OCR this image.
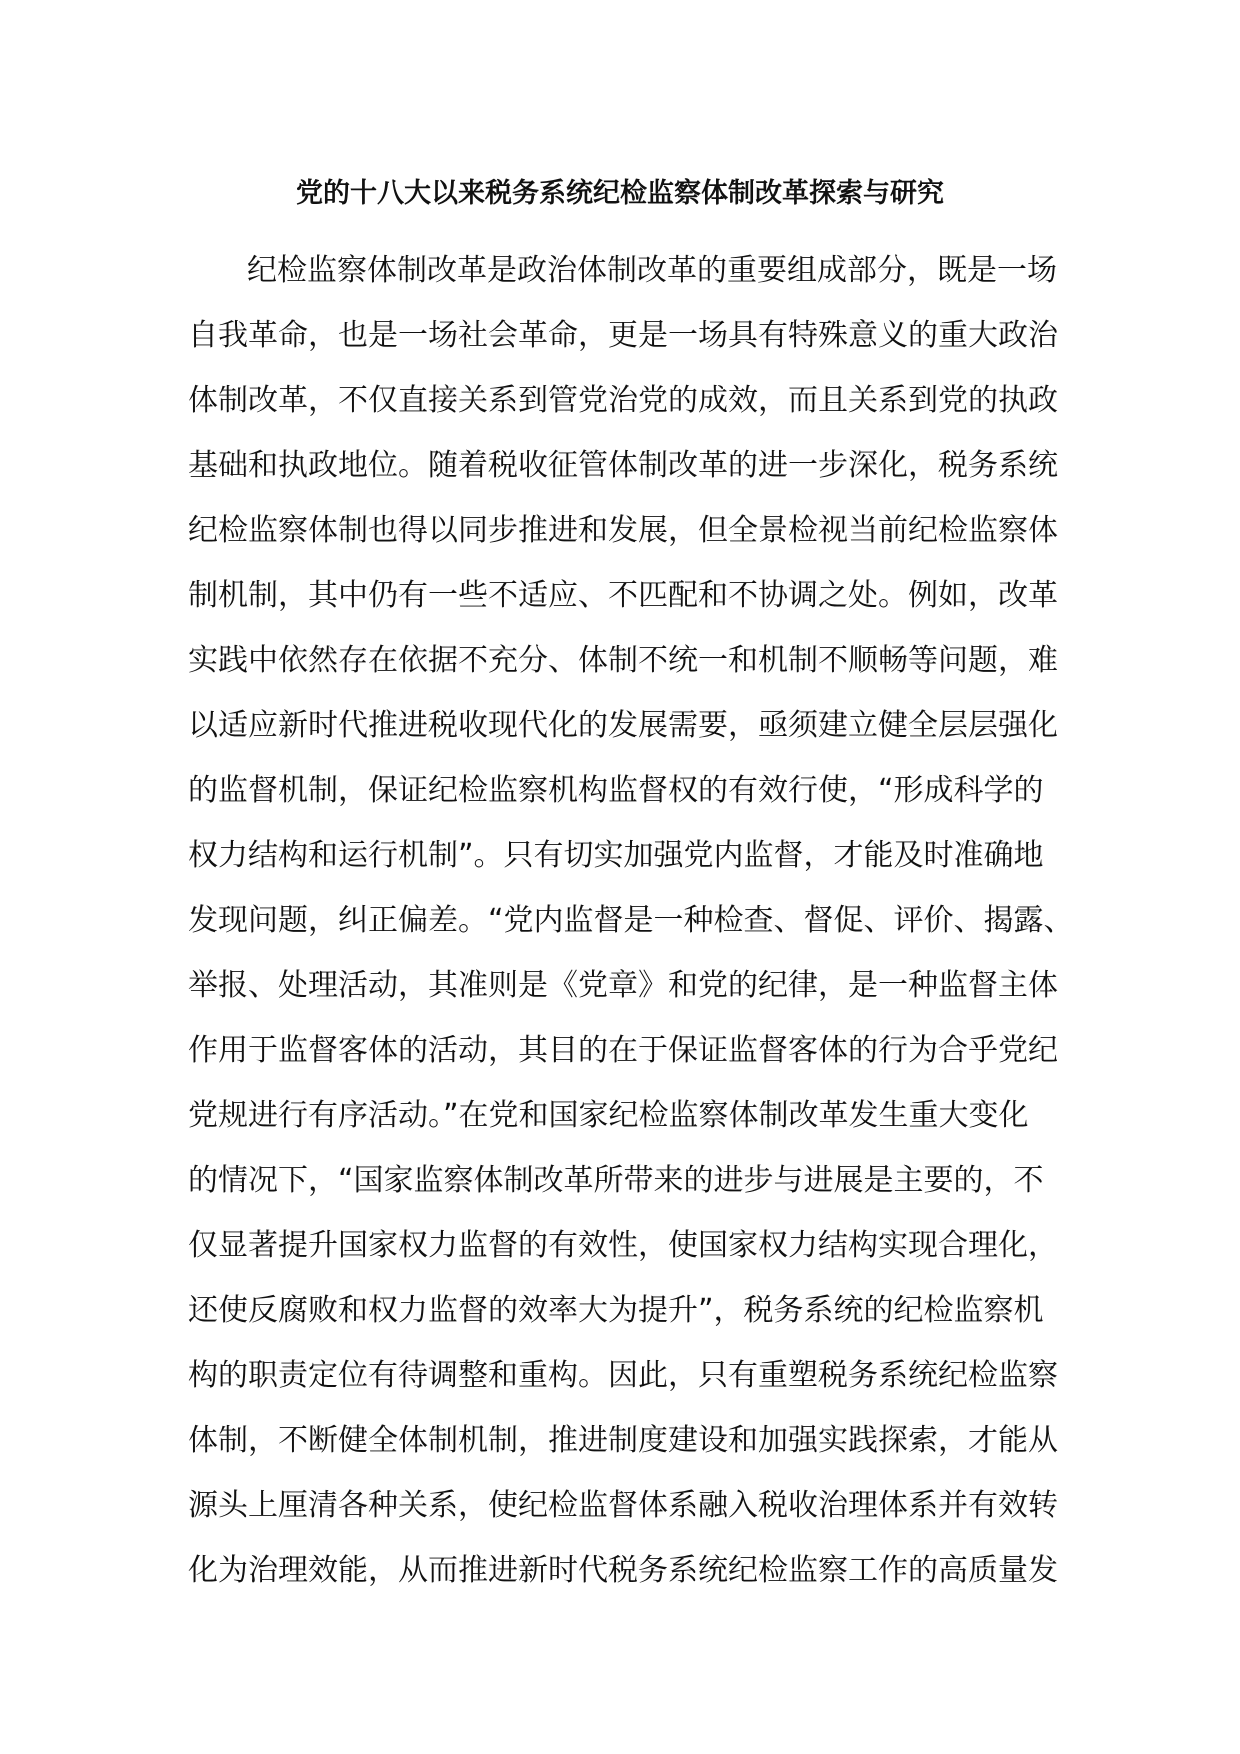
党的十八大以来税务系统纪检监察体制改革探索与研究
纪检监察体制改革是政治体制改革的重要组成部分，既是一场
自我革命，也是一场社会革命，更是一场具有特殊意义的重大政治
体制改革，不仅直接关系到管党治党的成效，而且关系到党的执政
基础和执政地位。随着税收征管体制改革的进一步深化，税务系统
纪检监察体制也得以同步推进和发展，但全景检视当前纪检监察体
制机制，其中仍有一些不适应、不匹配和不协调之处。例如，改革
实践中依然存在依据不充分、体制不统一和机制不顺畅等问题，难
以适应新时代推进税收现代化的发展需要，亟须建立健全层层强化
的监督机制，保证纪检监察机构监督权的有效行使，“形成科学的
权力结构和运行机制”。只有切实加强党内监督，才能及时准确地
发现问题，纠正偏差。“党内监督是一种检查、督促、评价、揭露、
举报、处理活动，其准则是《党章》和党的纪律，是一种监督主体
作用于监督客体的活动，其目的在于保证监督客体的行为合乎党纪
党规进行有序活动。”在党和国家纪检监察体制改革发生重大变化
的情况下，“国家监察体制改革所带来的进步与进展是主要的，不
仅显著提升国家权力监督的有效性，使国家权力结构实现合理化，
还使反腐败和权力监督的效率大为提升”，税务系统的纪检监察机
构的职责定位有待调整和重构。因此，只有重塑税务系统纪检监察
体制，不断健全体制机制，推进制度建设和加强实践探索，才能从
源头上厘清各种关系，使纪检监督体系融入税收治理体系并有效转
化为治理效能，从而推进新时代税务系统纪检监察工作的高质量发
